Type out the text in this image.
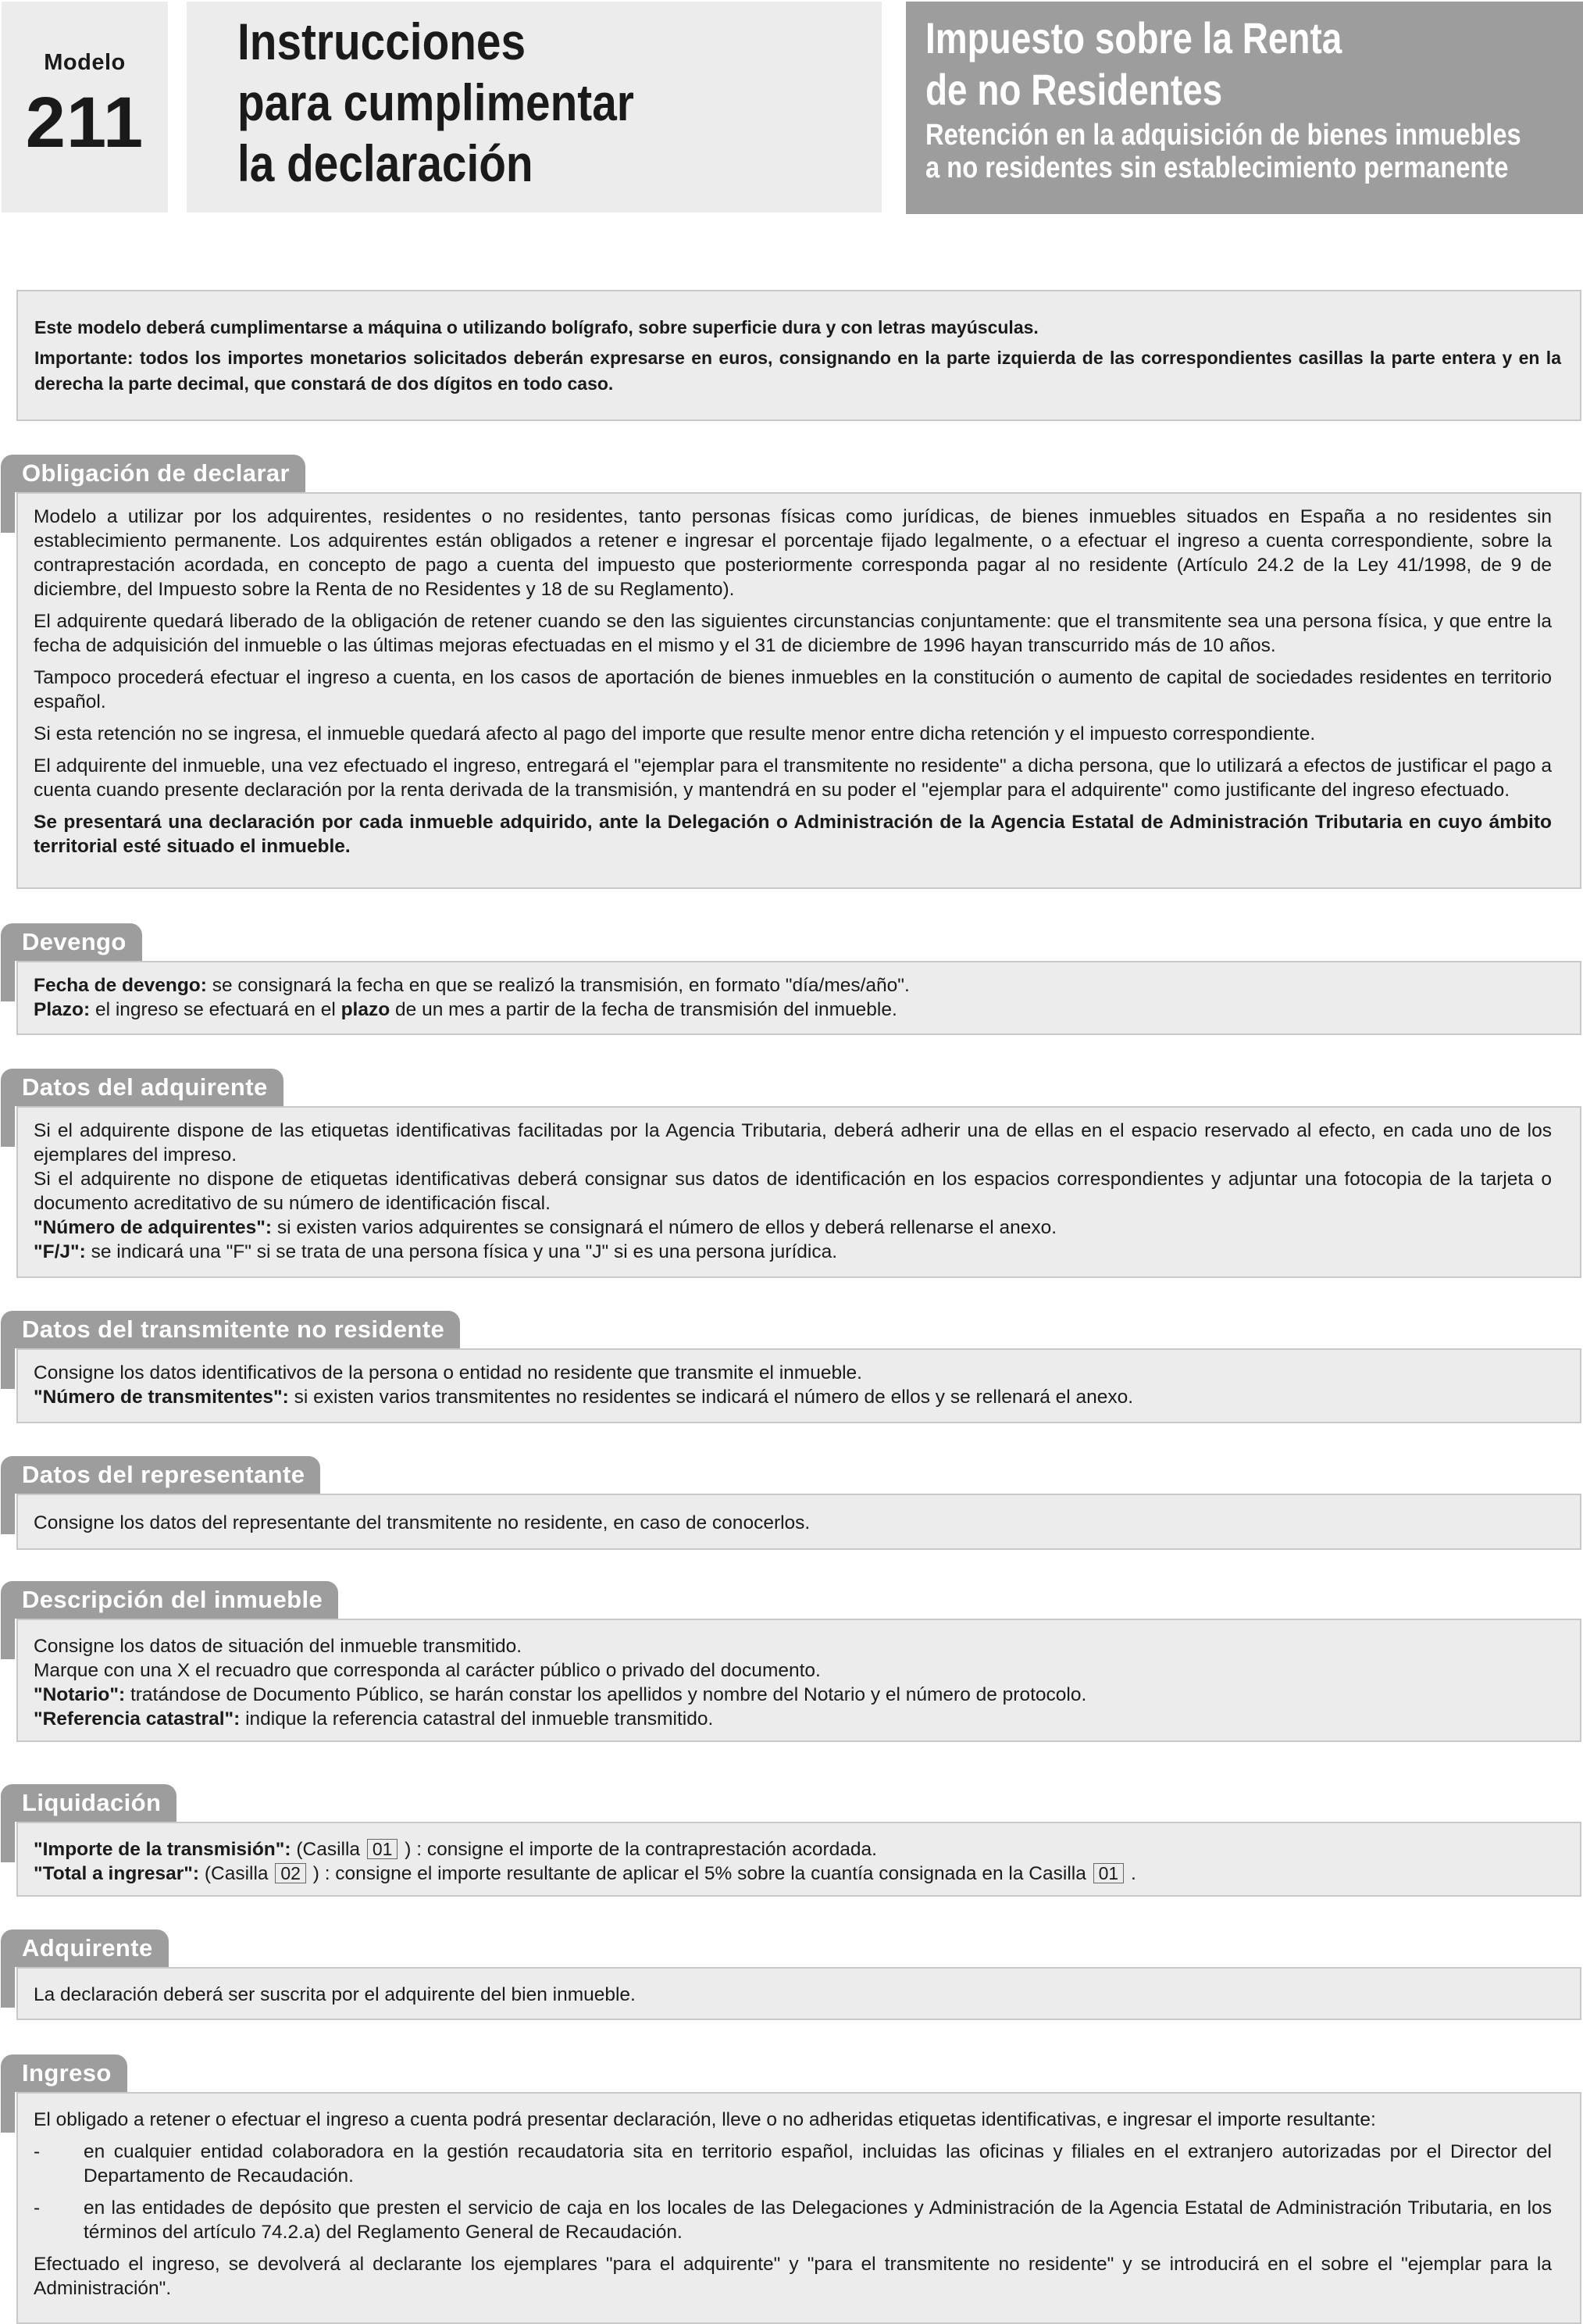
Modelo
211
Instrucciones
para cumplimentar
la declaración
Impuesto sobre la Renta
de no Residentes
Retención en la adquisición de bienes inmuebles
a no residentes sin establecimiento permanente

Este modelo deberá cumplimentarse a máquina o utilizando bolígrafo, sobre superficie dura y con letras mayúsculas.

Importante: todos los importes monetarios solicitados deberán expresarse en euros, consignando en la parte izquierda de las correspondientes casillas la parte entera y en la derecha la parte decimal, que constará de dos dígitos en todo caso.

Obligación de declarar

Modelo a utilizar por los adquirentes, residentes o no residentes, tanto personas físicas como jurídicas, de bienes inmuebles situados en España a no residentes sin establecimiento permanente. Los adquirentes están obligados a retener e ingresar el porcentaje fijado legalmente, o a efectuar el ingreso a cuenta correspondiente, sobre la contraprestación acordada, en concepto de pago a cuenta del impuesto que posteriormente corresponda pagar al no residente (Artículo 24.2 de la Ley 41/1998, de 9 de diciembre, del Impuesto sobre la Renta de no Residentes y 18 de su Reglamento).

El adquirente quedará liberado de la obligación de retener cuando se den las siguientes circunstancias conjuntamente: que el transmitente sea una persona física, y que entre la fecha de adquisición del inmueble o las últimas mejoras efectuadas en el mismo y el 31 de diciembre de 1996 hayan transcurrido más de 10 años.

Tampoco procederá efectuar el ingreso a cuenta, en los casos de aportación de bienes inmuebles en la constitución o aumento de capital de sociedades residentes en territorio español.

Si esta retención no se ingresa, el inmueble quedará afecto al pago del importe que resulte menor entre dicha retención y el impuesto correspondiente.

El adquirente del inmueble, una vez efectuado el ingreso, entregará el "ejemplar para el transmitente no residente" a dicha persona, que lo utilizará a efectos de justificar el pago a cuenta cuando presente declaración por la renta derivada de la transmisión, y mantendrá en su poder el "ejemplar para el adquirente" como justificante del ingreso efectuado.

Se presentará una declaración por cada inmueble adquirido, ante la Delegación o Administración de la Agencia Estatal de Administración Tributaria en cuyo ámbito territorial esté situado el inmueble.

Devengo

Fecha de devengo: se consignará la fecha en que se realizó la transmisión, en formato "día/mes/año".

Plazo: el ingreso se efectuará en el plazo de un mes a partir de la fecha de transmisión del inmueble.

Datos del adquirente

Si el adquirente dispone de las etiquetas identificativas facilitadas por la Agencia Tributaria, deberá adherir una de ellas en el espacio reservado al efecto, en cada uno de los ejemplares del impreso.

Si el adquirente no dispone de etiquetas identificativas deberá consignar sus datos de identificación en los espacios correspondientes y adjuntar una fotocopia de la tarjeta o documento acreditativo de su número de identificación fiscal.

"Número de adquirentes": si existen varios adquirentes se consignará el número de ellos y deberá rellenarse el anexo.

"F/J": se indicará una "F" si se trata de una persona física y una "J" si es una persona jurídica.

Datos del transmitente no residente

Consigne los datos identificativos de la persona o entidad no residente que transmite el inmueble.

"Número de transmitentes": si existen varios transmitentes no residentes se indicará el número de ellos y se rellenará el anexo.

Datos del representante

Consigne los datos del representante del transmitente no residente, en caso de conocerlos.

Descripción del inmueble

Consigne los datos de situación del inmueble transmitido.

Marque con una X el recuadro que corresponda al carácter público o privado del documento.

"Notario": tratándose de Documento Público, se harán constar los apellidos y nombre del Notario y el número de protocolo.

"Referencia catastral": indique la referencia catastral del inmueble transmitido.

Liquidación

"Importe de la transmisión": (Casilla 01 ) : consigne el importe de la contraprestación acordada.

"Total a ingresar": (Casilla 02 ) : consigne el importe resultante de aplicar el 5% sobre la cuantía consignada en la Casilla 01 .

Adquirente

La declaración deberá ser suscrita por el adquirente del bien inmueble.

Ingreso

El obligado a retener o efectuar el ingreso a cuenta podrá presentar declaración, lleve o no adheridas etiquetas identificativas, e ingresar el importe resultante:

- en cualquier entidad colaboradora en la gestión recaudatoria sita en territorio español, incluidas las oficinas y filiales en el extranjero autorizadas por el Director del Departamento de Recaudación.
- en las entidades de depósito que presten el servicio de caja en los locales de las Delegaciones y Administración de la Agencia Estatal de Administración Tributaria, en los términos del artículo 74.2.a) del Reglamento General de Recaudación.

Efectuado el ingreso, se devolverá al declarante los ejemplares "para el adquirente" y "para el transmitente no residente" y se introducirá en el sobre el "ejemplar para la Administración".
